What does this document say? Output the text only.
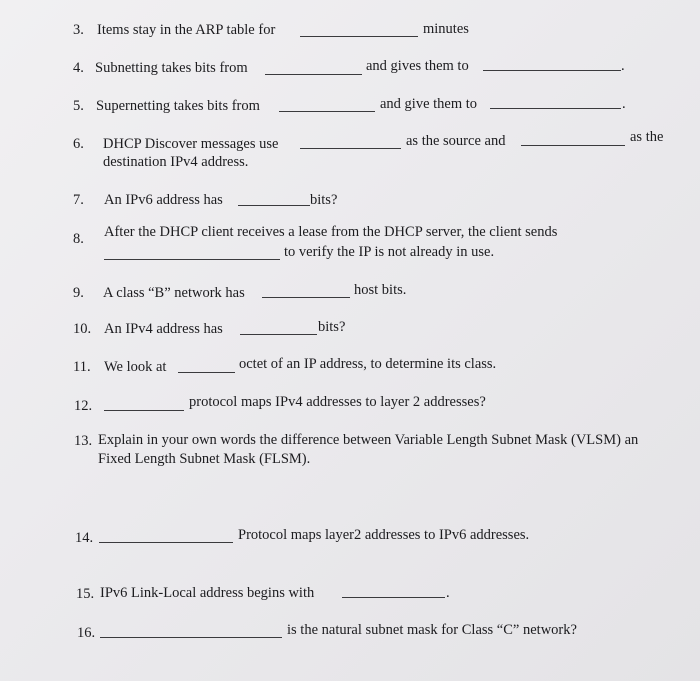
3. Items stay in the ARP table for	minutes
4. Subnetting takes bits from	and gives them to	.
5. Supernetting takes bits from	and give them to	.
6. DHCP Discover messages use	as the source and	as the
destination IPv4 address.
7. An IPv6 address has	bits?
8. After the DHCP client receives a lease from the DHCP server, the client sends
to verify the IP is not already in use.
9. A class “B” network has	host bits.
10. An IPv4 address has	bits?
11. We look at	octet of an IP address, to determine its class.
12.	protocol maps IPv4 addresses to layer 2 addresses?
13. Explain in your own words the difference between Variable Length Subnet Mask (VLSM) an
Fixed Length Subnet Mask (FLSM).
14.	Protocol maps layer2 addresses to IPv6 addresses.
15. IPv6 Link-Local address begins with	.
16.	is the natural subnet mask for Class “C” network?
